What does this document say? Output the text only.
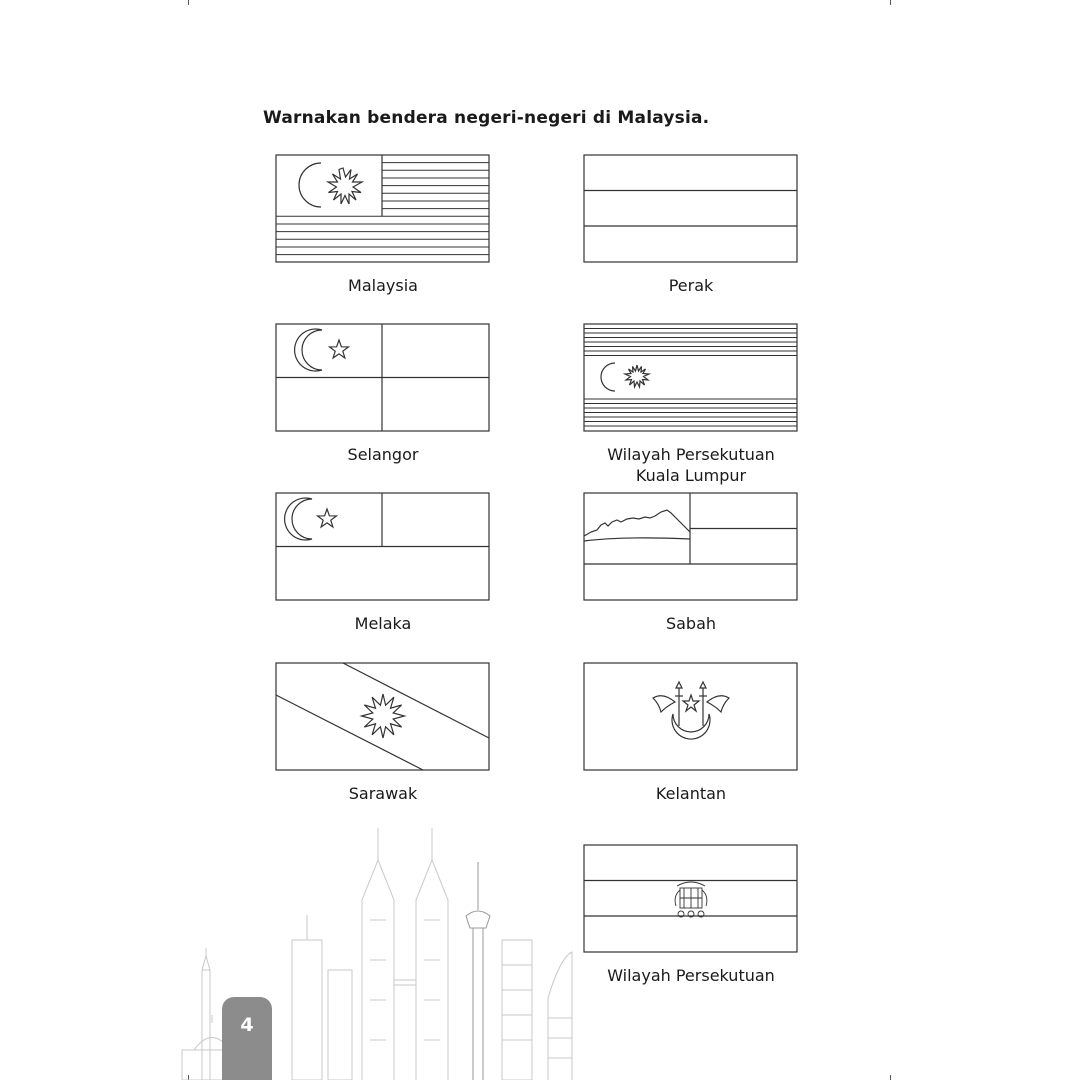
Warnakan bendera negeri-negeri di Malaysia.
Malaysia	Perak
Selangor	Wilayah Persekutuan
Kuala Lumpur
Melaka	Sabah
Sarawak	Kelantan
Wilayah Persekutuan
4
